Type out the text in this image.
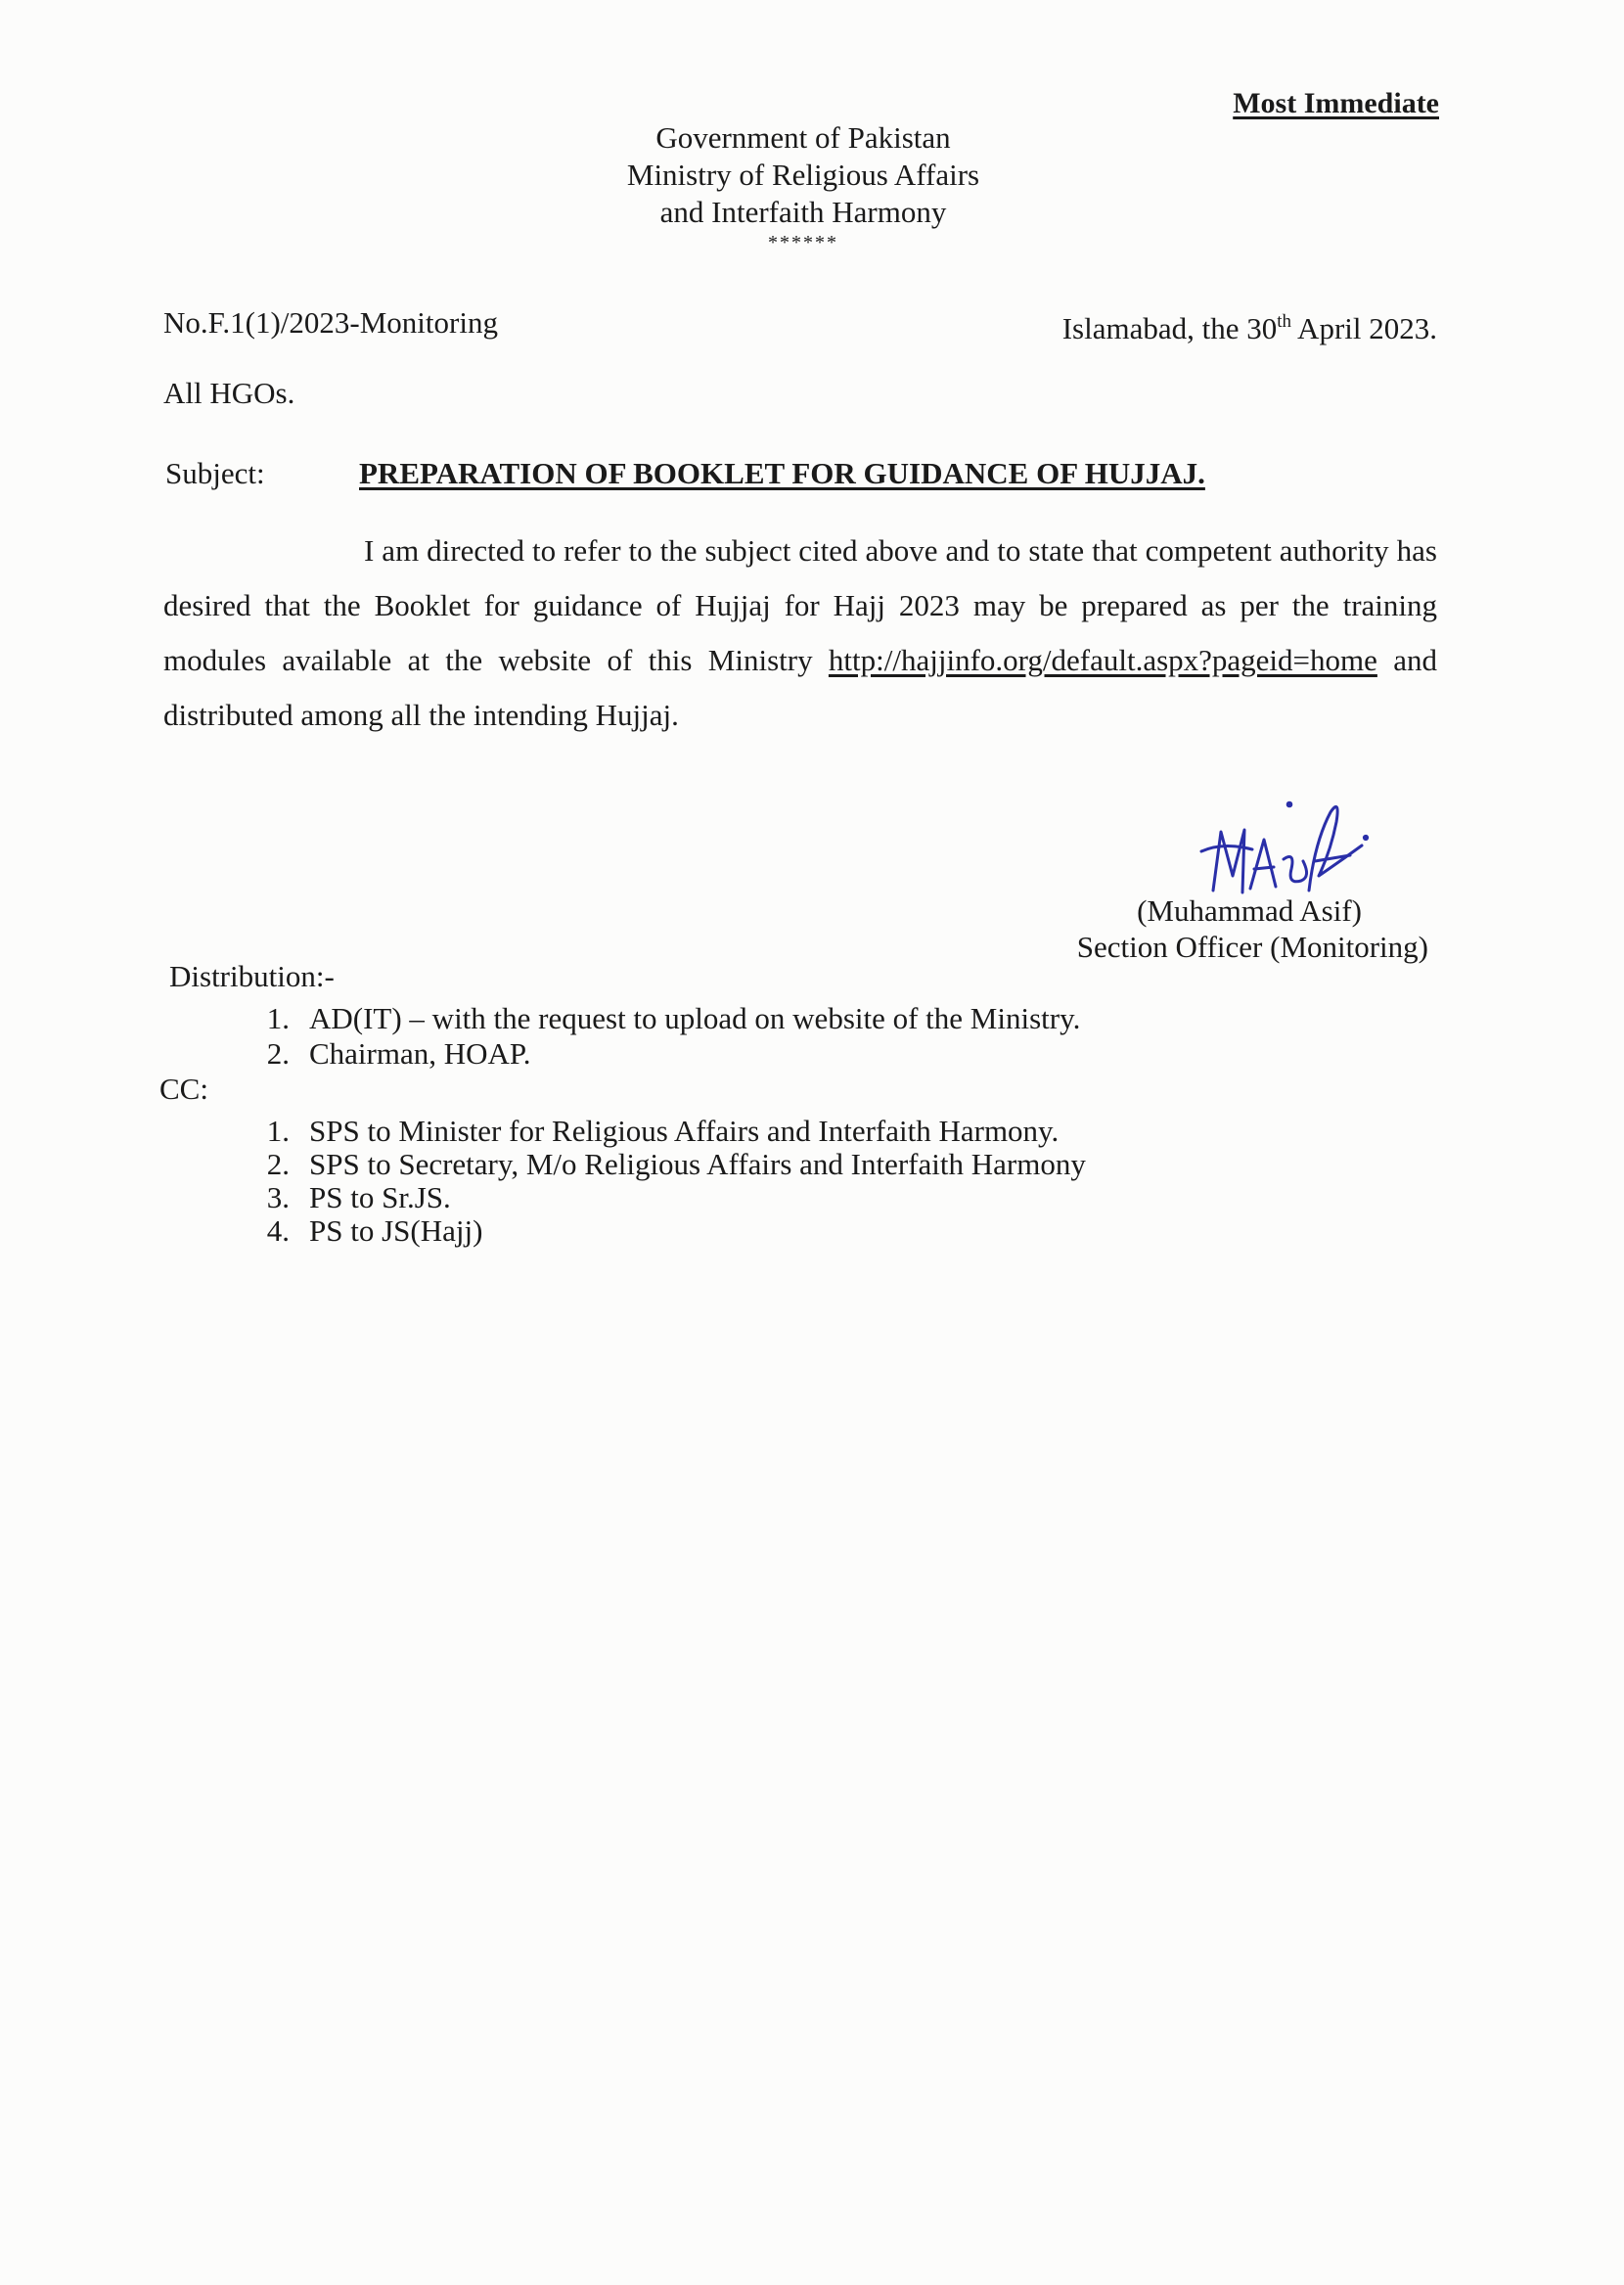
Most Immediate
Government of Pakistan
Ministry of Religious Affairs
and Interfaith Harmony
******
No.F.1(1)/2023-Monitoring	Islamabad, the 30th April 2023.
All HGOs.
Subject:	PREPARATION OF BOOKLET FOR GUIDANCE OF HUJJAJ.

I am directed to refer to the subject cited above and to state that competent authority has desired that the Booklet for guidance of Hujjaj for Hajj 2023 may be prepared as per the training modules available at the website of this Ministry http://hajjinfo.org/default.aspx?pageid=home and distributed among all the intending Hujjaj.

(Muhammad Asif)
Section Officer (Monitoring)
Distribution:-
1. AD(IT) – with the request to upload on website of the Ministry.
2. Chairman, HOAP.
CC:
1. SPS to Minister for Religious Affairs and Interfaith Harmony.
2. SPS to Secretary, M/o Religious Affairs and Interfaith Harmony
3. PS to Sr.JS.
4. PS to JS(Hajj)
